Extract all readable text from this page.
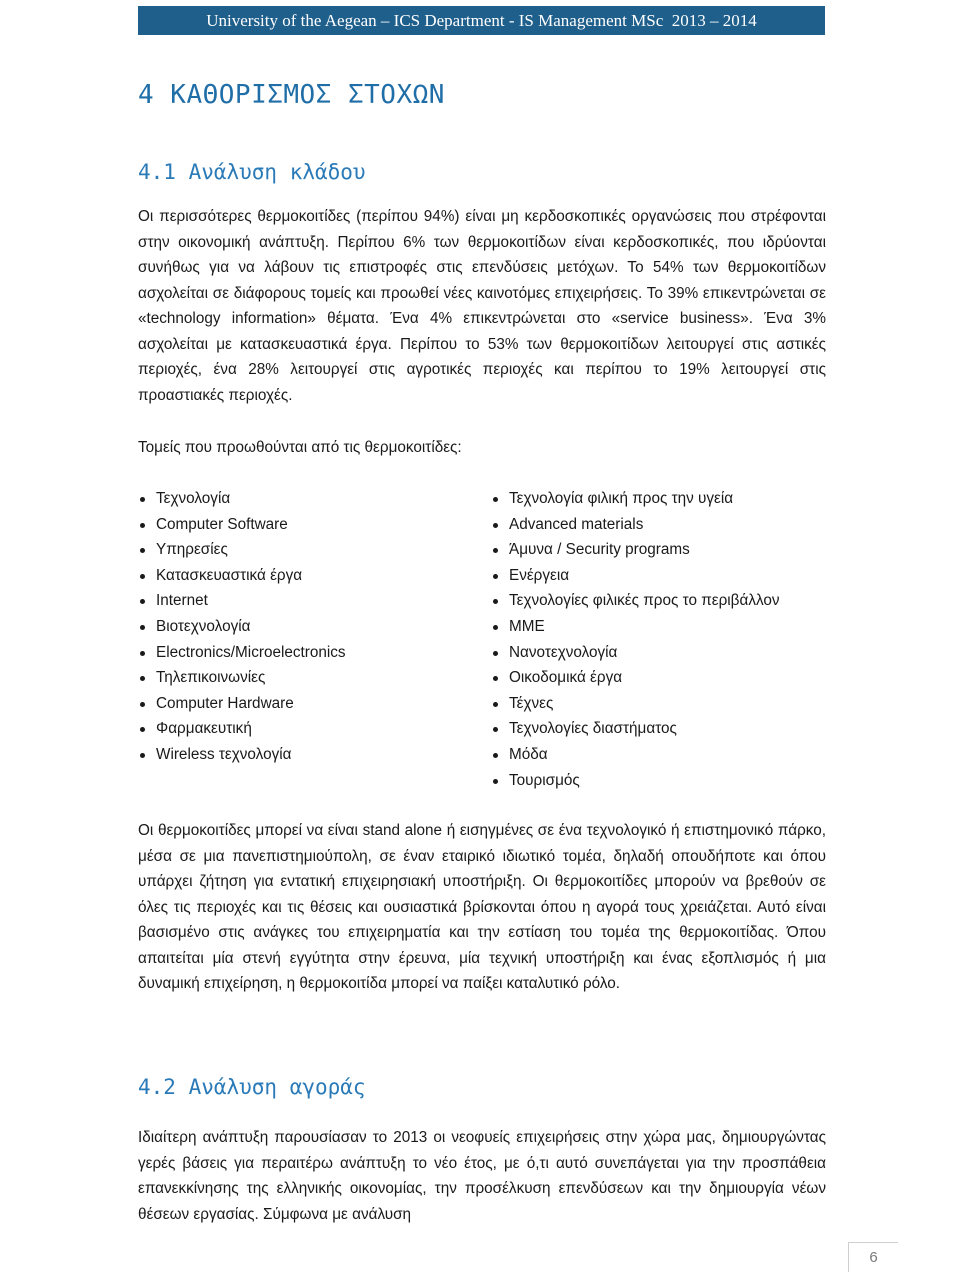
University of the Aegean – ICS Department - IS Management MSc  2013 – 2014
4 ΚΑΘΟΡΙΣΜΟΣ ΣΤΟΧΩΝ
4.1 Ανάλυση κλάδου
Οι περισσότερες θερμοκοιτίδες (περίπου 94%) είναι μη κερδοσκοπικές οργανώσεις που στρέφονται στην οικονομική ανάπτυξη. Περίπου 6% των θερμοκοιτίδων είναι κερδοσκοπικές, που ιδρύονται συνήθως για να λάβουν τις επιστροφές στις επενδύσεις μετόχων. Το 54% των θερμοκοιτίδων ασχολείται σε διάφορους τομείς και προωθεί νέες καινοτόμες επιχειρήσεις. Το 39% επικεντρώνεται σε «technology information» θέματα. Ένα 4% επικεντρώνεται στο «service business». Ένα 3% ασχολείται με κατασκευαστικά έργα. Περίπου το 53% των θερμοκοιτίδων λειτουργεί στις αστικές περιοχές, ένα 28% λειτουργεί στις αγροτικές περιοχές και περίπου το 19% λειτουργεί στις προαστιακές περιοχές.
Τομείς που προωθούνται από τις θερμοκοιτίδες:
Τεχνολογία
Computer Software
Υπηρεσίες
Κατασκευαστικά έργα
Internet
Βιοτεχνολογία
Electronics/Microelectronics
Τηλεπικοινωνίες
Computer Hardware
Φαρμακευτική
Wireless τεχνολογία
Τεχνολογία φιλική προς την υγεία
Advanced materials
Άμυνα / Security programs
Ενέργεια
Τεχνολογίες φιλικές προς το περιβάλλον
ΜΜΕ
Νανοτεχνολογία
Οικοδομικά έργα
Τέχνες
Τεχνολογίες διαστήματος
Μόδα
Τουρισμός
Οι θερμοκοιτίδες μπορεί να είναι stand alone ή εισηγμένες σε ένα τεχνολογικό ή επιστημονικό πάρκο, μέσα σε μια πανεπιστημιούπολη, σε έναν εταιρικό ιδιωτικό τομέα, δηλαδή οπουδήποτε και όπου υπάρχει ζήτηση για εντατική επιχειρησιακή υποστήριξη. Οι θερμοκοιτίδες μπορούν να βρεθούν σε όλες τις περιοχές και τις θέσεις και ουσιαστικά βρίσκονται όπου η αγορά τους χρειάζεται. Αυτό είναι βασισμένο στις ανάγκες του επιχειρηματία και την εστίαση του τομέα της θερμοκοιτίδας. Όπου απαιτείται μία στενή εγγύτητα στην έρευνα, μία τεχνική υποστήριξη και ένας εξοπλισμός ή μια δυναμική επιχείρηση, η θερμοκοιτίδα μπορεί να παίξει καταλυτικό ρόλο.
4.2 Ανάλυση αγοράς
Ιδιαίτερη ανάπτυξη παρουσίασαν το 2013 οι νεοφυείς επιχειρήσεις στην χώρα μας, δημιουργώντας γερές βάσεις για περαιτέρω ανάπτυξη το νέο έτος, με ό,τι αυτό συνεπάγεται για την προσπάθεια επανεκκίνησης της ελληνικής οικονομίας, την προσέλκυση επενδύσεων και την δημιουργία νέων θέσεων εργασίας. Σύμφωνα με ανάλυση
6
